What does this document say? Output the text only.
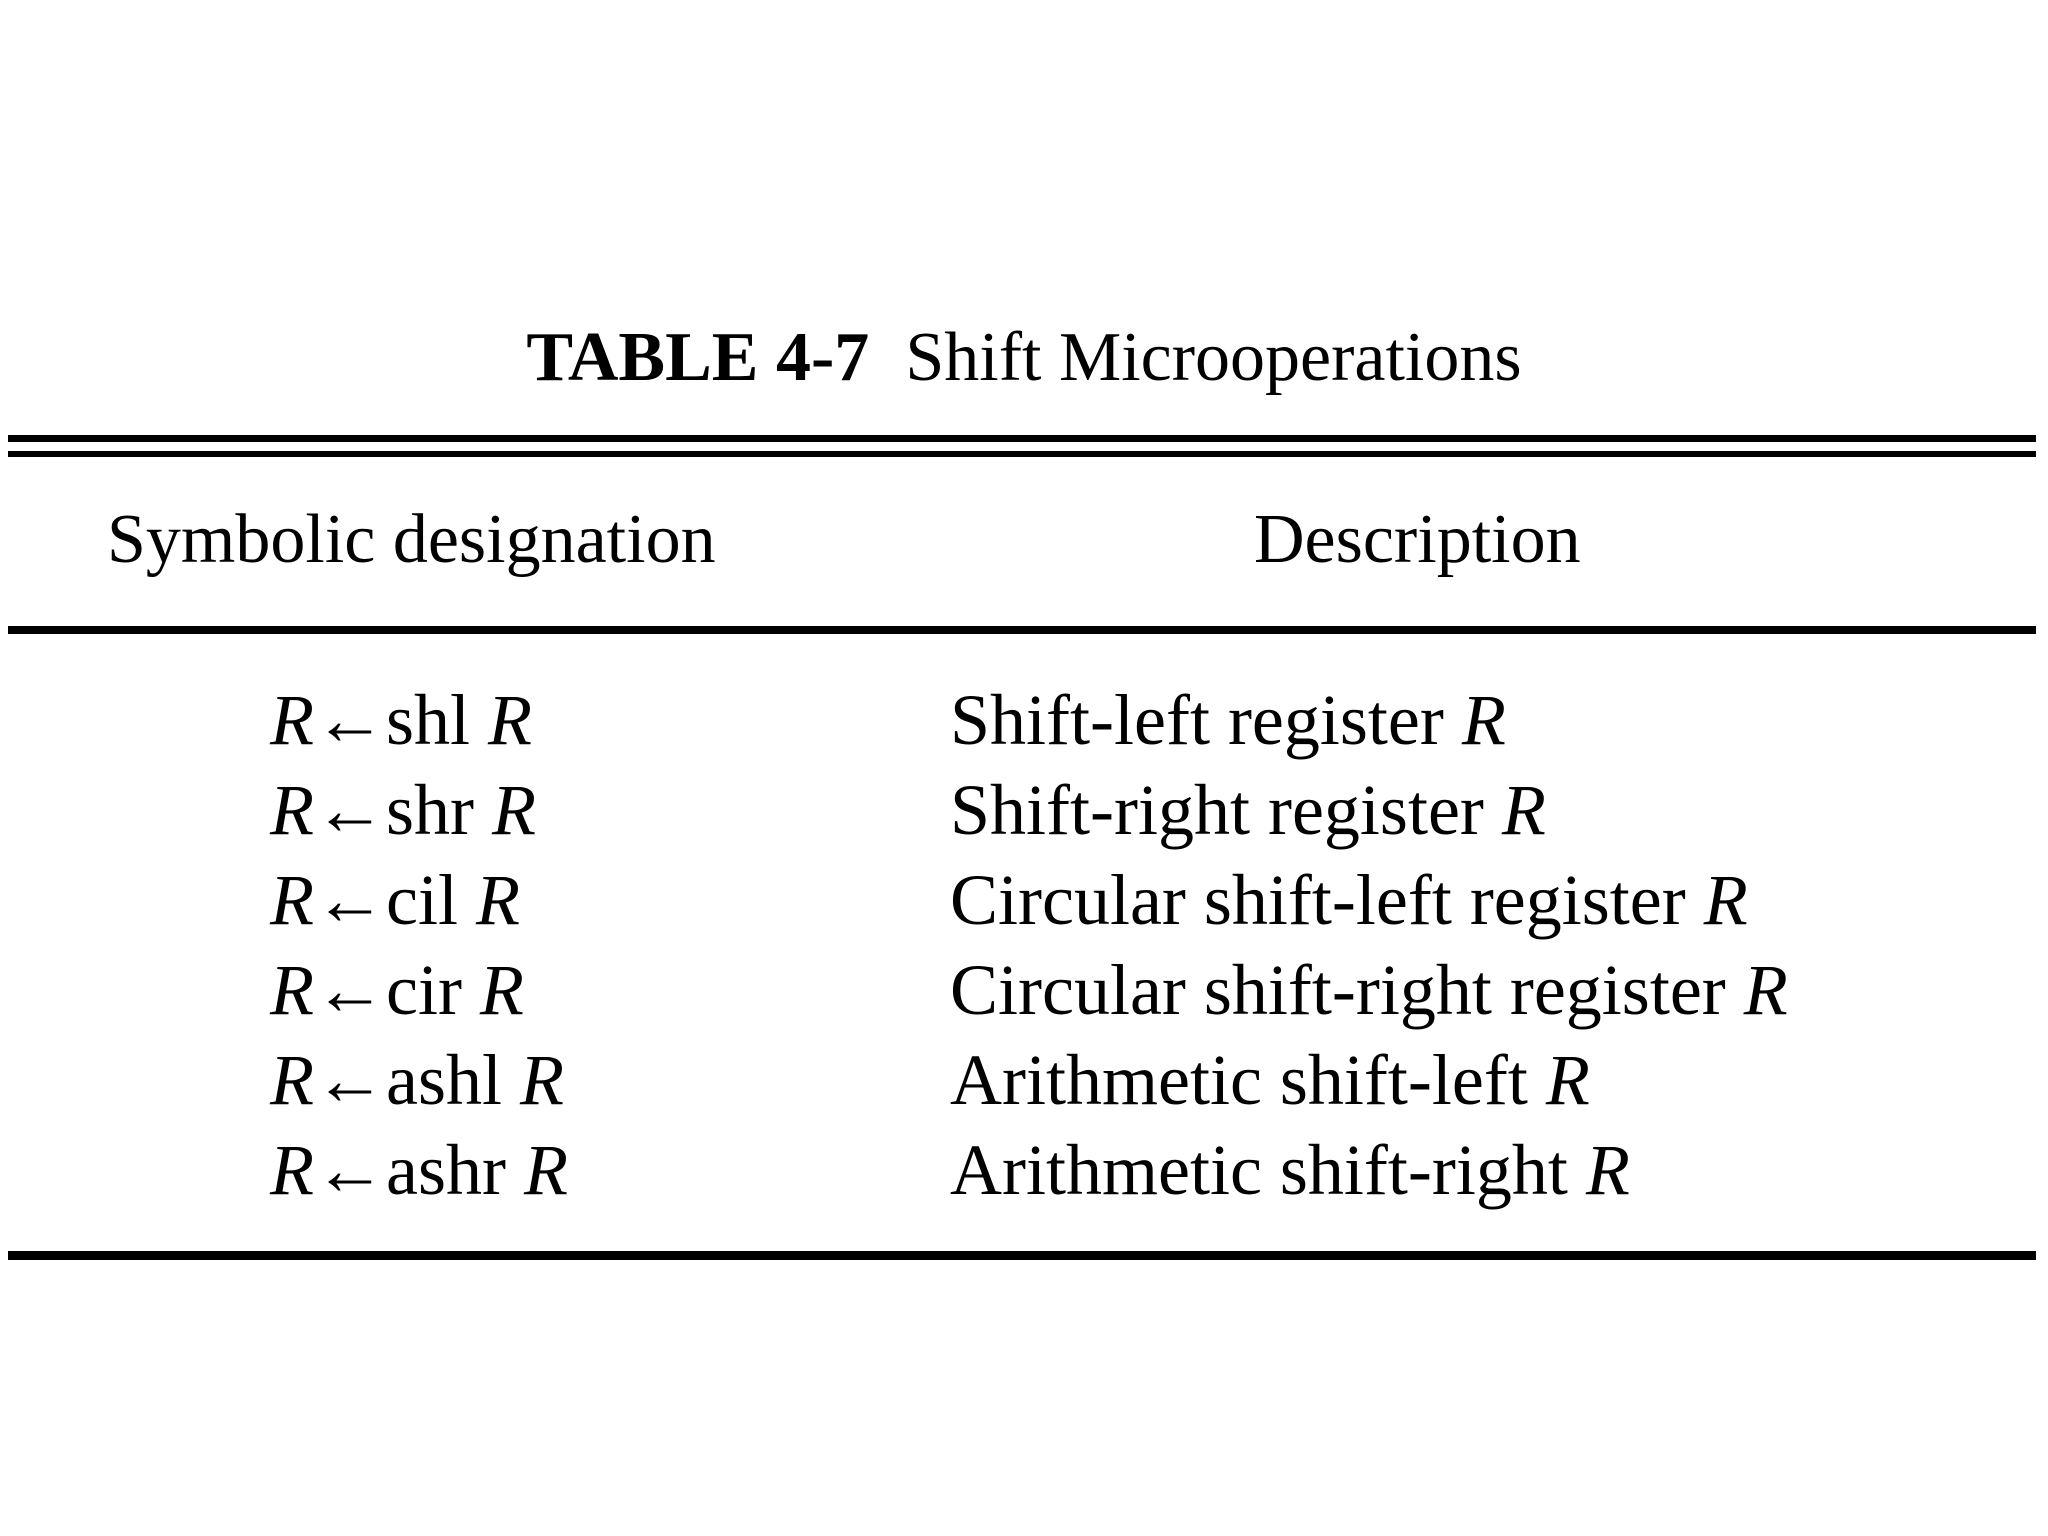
TABLE 4-7 Shift Microoperations
Symbolic designation	Description
R←shl R	Shift-left register R
R←shr R	Shift-right register R
R←cil R	Circular shift-left register R
R←cir R	Circular shift-right register R
R←ashl R	Arithmetic shift-left R
R←ashr R	Arithmetic shift-right R
